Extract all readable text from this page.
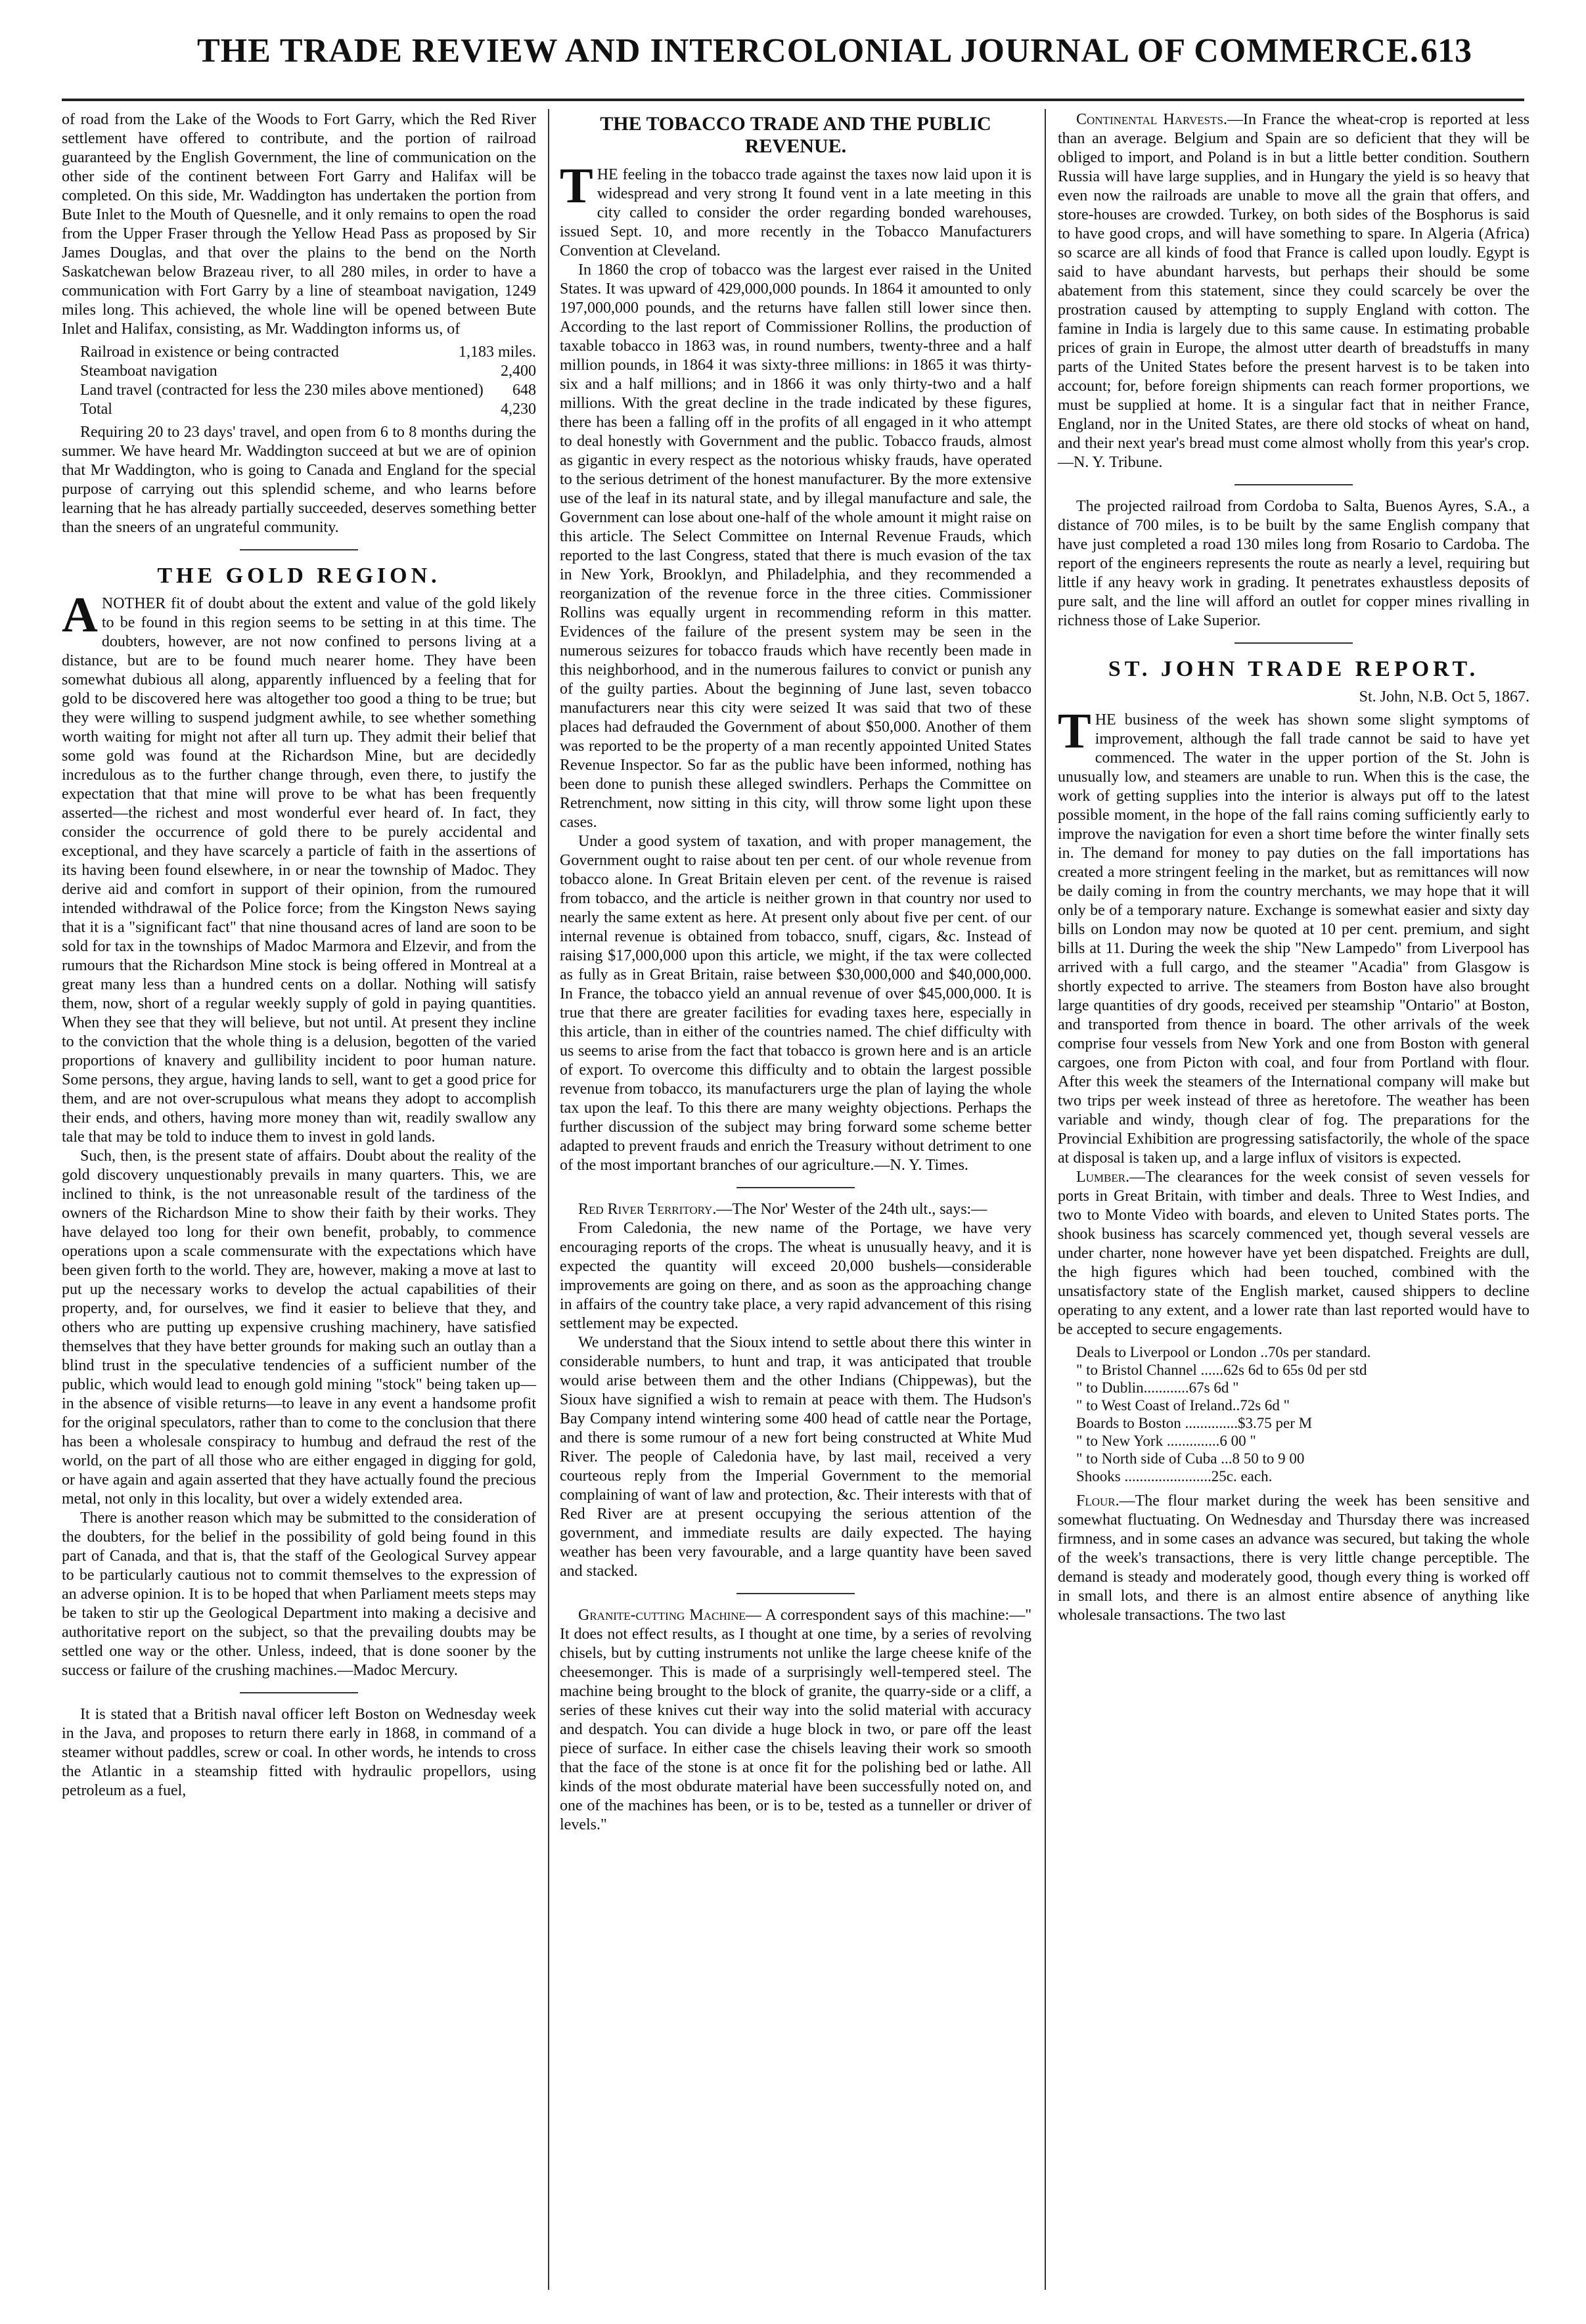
THE TRADE REVIEW AND INTERCOLONIAL JOURNAL OF COMMERCE. 613

of road from the Lake of the Woods to Fort Garry, which the Red River settlement have offered to contribute, and the portion of railroad guaranteed by the English Government, the line of communication on the other side of the continent between Fort Garry and Halifax will be completed. On this side, Mr. Waddington has undertaken the portion from Bute Inlet to the Mouth of Quesnelle, and it only remains to open the road from the Upper Fraser through the Yellow Head Pass as proposed by Sir James Douglas, and that over the plains to the bend on the North Saskatchewan below Brazeau river, to all 280 miles, in order to have a communication with Fort Garry by a line of steamboat navigation, 1249 miles long. This achieved, the whole line will be opened between Bute Inlet and Halifax, consisting, as Mr. Waddington informs us, of

Railroad in existence or being contracted	1,183 miles.
Steamboat navigation	2,400
Land travel (contracted for less the 230 miles above mentioned) 648
Total	4,230

Requiring 20 to 23 days' travel, and open from 6 to 8 months during the summer. We have heard Mr. Waddington succeed at but we are of opinion that Mr Waddington, who is going to Canada and England for the special purpose of carrying out this splendid scheme, and who learns before learning that he has already partially succeeded, deserves something better than the sneers of an ungrateful community.

THE GOLD REGION.

ANOTHER fit of doubt about the extent and value of the gold likely to be found in this region seems to be setting in at this time. The doubters, however, are not now confined to persons living at a distance, but are to be found much nearer home. They have been somewhat dubious all along, apparently influenced by a feeling that for gold to be discovered here was altogether too good a thing to be true; but they were willing to suspend judgment awhile, to see whether something worth waiting for might not after all turn up. They admit their belief that some gold was found at the Richardson Mine, but are decidedly incredulous as to the further change through, even there, to justify the expectation that that mine will prove to be what has been frequently asserted—the richest and most wonderful ever heard of. In fact, they consider the occurrence of gold there to be purely accidental and exceptional, and they have scarcely a particle of faith in the assertions of its having been found elsewhere, in or near the township of Madoc. They derive aid and comfort in support of their opinion, from the rumoured intended withdrawal of the Police force; from the Kingston News saying that it is a "significant fact" that nine thousand acres of land are soon to be sold for tax in the townships of Madoc Marmora and Elzevir, and from the rumours that the Richardson Mine stock is being offered in Montreal at a great many less than a hundred cents on a dollar. Nothing will satisfy them, now, short of a regular weekly supply of gold in paying quantities. When they see that they will believe, but not until. At present they incline to the conviction that the whole thing is a delusion, begotten of the varied proportions of knavery and gullibility incident to poor human nature. Some persons, they argue, having lands to sell, want to get a good price for them, and are not over-scrupulous what means they adopt to accomplish their ends, and others, having more money than wit, readily swallow any tale that may be told to induce them to invest in gold lands.

Such, then, is the present state of affairs. Doubt about the reality of the gold discovery unquestionably prevails in many quarters. This, we are inclined to think, is the not unreasonable result of the tardiness of the owners of the Richardson Mine to show their faith by their works. They have delayed too long for their own benefit, probably, to commence operations upon a scale commensurate with the expectations which have been given forth to the world. They are, however, making a move at last to put up the necessary works to develop the actual capabilities of their property, and, for ourselves, we find it easier to believe that they, and others who are putting up expensive crushing machinery, have satisfied themselves that they have better grounds for making such an outlay than a blind trust in the speculative tendencies of a sufficient number of the public, which would lead to enough gold mining "stock" being taken up—in the absence of visible returns—to leave in any event a handsome profit for the original speculators, rather than to come to the conclusion that there has been a wholesale conspiracy to humbug and defraud the rest of the world, on the part of all those who are either engaged in digging for gold, or have again and again asserted that they have actually found the precious metal, not only in this locality, but over a widely extended area.

There is another reason which may be submitted to the consideration of the doubters, for the belief in the possibility of gold being found in this part of Canada, and that is, that the staff of the Geological Survey appear to be particularly cautious not to commit themselves to the expression of an adverse opinion. It is to be hoped that when Parliament meets steps may be taken to stir up the Geological Department into making a decisive and authoritative report on the subject, so that the prevailing doubts may be settled one way or the other. Unless, indeed, that is done sooner by the success or failure of the crushing machines.—Madoc Mercury.

It is stated that a British naval officer left Boston on Wednesday week in the Java, and proposes to return there early in 1868, in command of a steamer without paddles, screw or coal. In other words, he intends to cross the Atlantic in a steamship fitted with hydraulic propellors, using petroleum as a fuel,

THE TOBACCO TRADE AND THE PUBLIC REVENUE.

THE feeling in the tobacco trade against the taxes now laid upon it is widespread and very strong It found vent in a late meeting in this city called to consider the order regarding bonded warehouses, issued Sept. 10, and more recently in the Tobacco Manufacturers Convention at Cleveland.

In 1860 the crop of tobacco was the largest ever raised in the United States. It was upward of 429,000,000 pounds. In 1864 it amounted to only 197,000,000 pounds, and the returns have fallen still lower since then. According to the last report of Commissioner Rollins, the production of taxable tobacco in 1863 was, in round numbers, twenty-three and a half million pounds, in 1864 it was sixty-three millions: in 1865 it was thirty-six and a half millions; and in 1866 it was only thirty-two and a half millions. With the great decline in the trade indicated by these figures, there has been a falling off in the profits of all engaged in it who attempt to deal honestly with Government and the public. Tobacco frauds, almost as gigantic in every respect as the notorious whisky frauds, have operated to the serious detriment of the honest manufacturer. By the more extensive use of the leaf in its natural state, and by illegal manufacture and sale, the Government can lose about one-half of the whole amount it might raise on this article. The Select Committee on Internal Revenue Frauds, which reported to the last Congress, stated that there is much evasion of the tax in New York, Brooklyn, and Philadelphia, and they recommended a reorganization of the revenue force in the three cities. Commissioner Rollins was equally urgent in recommending reform in this matter. Evidences of the failure of the present system may be seen in the numerous seizures for tobacco frauds which have recently been made in this neighborhood, and in the numerous failures to convict or punish any of the guilty parties. About the beginning of June last, seven tobacco manufacturers near this city were seized It was said that two of these places had defrauded the Government of about $50,000. Another of them was reported to be the property of a man recently appointed United States Revenue Inspector. So far as the public have been informed, nothing has been done to punish these alleged swindlers. Perhaps the Committee on Retrenchment, now sitting in this city, will throw some light upon these cases.

Under a good system of taxation, and with proper management, the Government ought to raise about ten per cent. of our whole revenue from tobacco alone. In Great Britain eleven per cent. of the revenue is raised from tobacco, and the article is neither grown in that country nor used to nearly the same extent as here. At present only about five per cent. of our internal revenue is obtained from tobacco, snuff, cigars, &c. Instead of raising $17,000,000 upon this article, we might, if the tax were collected as fully as in Great Britain, raise between $30,000,000 and $40,000,000. In France, the tobacco yield an annual revenue of over $45,000,000. It is true that there are greater facilities for evading taxes here, especially in this article, than in either of the countries named. The chief difficulty with us seems to arise from the fact that tobacco is grown here and is an article of export. To overcome this difficulty and to obtain the largest possible revenue from tobacco, its manufacturers urge the plan of laying the whole tax upon the leaf. To this there are many weighty objections. Perhaps the further discussion of the subject may bring forward some scheme better adapted to prevent frauds and enrich the Treasury without detriment to one of the most important branches of our agriculture.—N. Y. Times.

Red River Territory.—The Nor' Wester of the 24th ult., says:—

From Caledonia, the new name of the Portage, we have very encouraging reports of the crops. The wheat is unusually heavy, and it is expected the quantity will exceed 20,000 bushels—considerable improvements are going on there, and as soon as the approaching change in affairs of the country take place, a very rapid advancement of this rising settlement may be expected.

We understand that the Sioux intend to settle about there this winter in considerable numbers, to hunt and trap, it was anticipated that trouble would arise between them and the other Indians (Chippewas), but the Sioux have signified a wish to remain at peace with them. The Hudson's Bay Company intend wintering some 400 head of cattle near the Portage, and there is some rumour of a new fort being constructed at White Mud River. The people of Caledonia have, by last mail, received a very courteous reply from the Imperial Government to the memorial complaining of want of law and protection, &c. Their interests with that of Red River are at present occupying the serious attention of the government, and immediate results are daily expected. The haying weather has been very favourable, and a large quantity have been saved and stacked.

Granite-cutting Machine— A correspondent says of this machine:—" It does not effect results, as I thought at one time, by a series of revolving chisels, but by cutting instruments not unlike the large cheese knife of the cheesemonger. This is made of a surprisingly well-tempered steel. The machine being brought to the block of granite, the quarry-side or a cliff, a series of these knives cut their way into the solid material with accuracy and despatch. You can divide a huge block in two, or pare off the least piece of surface. In either case the chisels leaving their work so smooth that the face of the stone is at once fit for the polishing bed or lathe. All kinds of the most obdurate material have been successfully noted on, and one of the machines has been, or is to be, tested as a tunneller or driver of levels."

Continental Harvests.—In France the wheat-crop is reported at less than an average. Belgium and Spain are so deficient that they will be obliged to import, and Poland is in but a little better condition. Southern Russia will have large supplies, and in Hungary the yield is so heavy that even now the railroads are unable to move all the grain that offers, and store-houses are crowded. Turkey, on both sides of the Bosphorus is said to have good crops, and will have something to spare. In Algeria (Africa) so scarce are all kinds of food that France is called upon loudly. Egypt is said to have abundant harvests, but perhaps their should be some abatement from this statement, since they could scarcely be over the prostration caused by attempting to supply England with cotton. The famine in India is largely due to this same cause. In estimating probable prices of grain in Europe, the almost utter dearth of breadstuffs in many parts of the United States before the present harvest is to be taken into account; for, before foreign shipments can reach former proportions, we must be supplied at home. It is a singular fact that in neither France, England, nor in the United States, are there old stocks of wheat on hand, and their next year's bread must come almost wholly from this year's crop.—N. Y. Tribune.

The projected railroad from Cordoba to Salta, Buenos Ayres, S.A., a distance of 700 miles, is to be built by the same English company that have just completed a road 130 miles long from Rosario to Cardoba. The report of the engineers represents the route as nearly a level, requiring but little if any heavy work in grading. It penetrates exhaustless deposits of pure salt, and the line will afford an outlet for copper mines rivalling in richness those of Lake Superior.

ST. JOHN TRADE REPORT.
St. John, N.B. Oct 5, 1867.

THE business of the week has shown some slight symptoms of improvement, although the fall trade cannot be said to have yet commenced. The water in the upper portion of the St. John is unusually low, and steamers are unable to run. When this is the case, the work of getting supplies into the interior is always put off to the latest possible moment, in the hope of the fall rains coming sufficiently early to improve the navigation for even a short time before the winter finally sets in. The demand for money to pay duties on the fall importations has created a more stringent feeling in the market, but as remittances will now be daily coming in from the country merchants, we may hope that it will only be of a temporary nature. Exchange is somewhat easier and sixty day bills on London may now be quoted at 10 per cent. premium, and sight bills at 11. During the week the ship "New Lampedo" from Liverpool has arrived with a full cargo, and the steamer "Acadia" from Glasgow is shortly expected to arrive. The steamers from Boston have also brought large quantities of dry goods, received per steamship "Ontario" at Boston, and transported from thence in board. The other arrivals of the week comprise four vessels from New York and one from Boston with general cargoes, one from Picton with coal, and four from Portland with flour. After this week the steamers of the International company will make but two trips per week instead of three as heretofore. The weather has been variable and windy, though clear of fog. The preparations for the Provincial Exhibition are progressing satisfactorily, the whole of the space at disposal is taken up, and a large influx of visitors is expected.

Lumber.—The clearances for the week consist of seven vessels for ports in Great Britain, with timber and deals. Three to West Indies, and two to Monte Video with boards, and eleven to United States ports. The shook business has scarcely commenced yet, though several vessels are under charter, none however have yet been dispatched. Freights are dull, the high figures which had been touched, combined with the unsatisfactory state of the English market, caused shippers to decline operating to any extent, and a lower rate than last reported would have to be accepted to secure engagements.

Deals to Liverpool or London ..70s per standard.
" to Bristol Channel ......62s 6d to 65s 0d per std
" to Dublin............67s 6d "
" to West Coast of Ireland..72s 6d "
Boards to Boston ..............$3.75 per M
" to New York ..............6 00 "
" to North side of Cuba ...8 50 to 9 00
Shooks .......................25c. each.

Flour.—The flour market during the week has been sensitive and somewhat fluctuating. On Wednesday and Thursday there was increased firmness, and in some cases an advance was secured, but taking the whole of the week's transactions, there is very little change perceptible. The demand is steady and moderately good, though every thing is worked off in small lots, and there is an almost entire absence of anything like wholesale transactions. The two last
